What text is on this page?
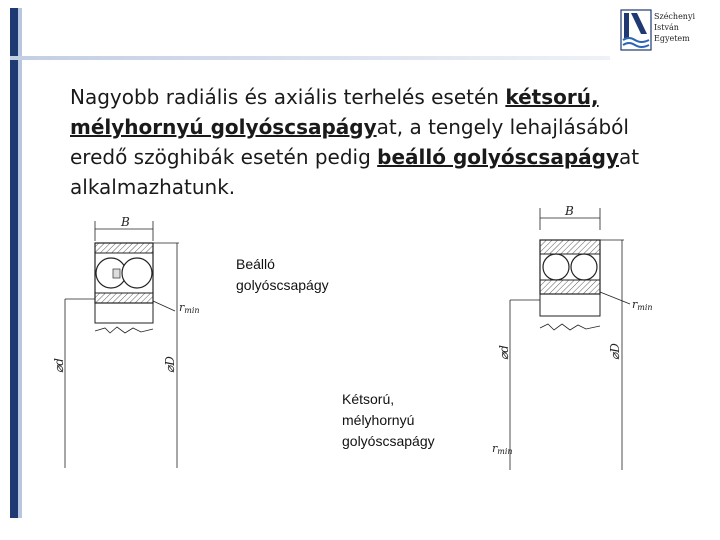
Széchenyi
István
Egyetem
Nagyobb radiális és axiális terhelés esetén kétsorú, mélyhornyú golyóscsapágyat, a tengely lehajlásából eredő szöghibák esetén pedig beálló golyóscsapágyat alkalmazhatunk.
B
rmin
⌀d	⌀D
B
rmin
rmin
⌀d	⌀D
Beálló
golyóscsapágy
Kétsorú,
mélyhornyú
golyóscsapágy
